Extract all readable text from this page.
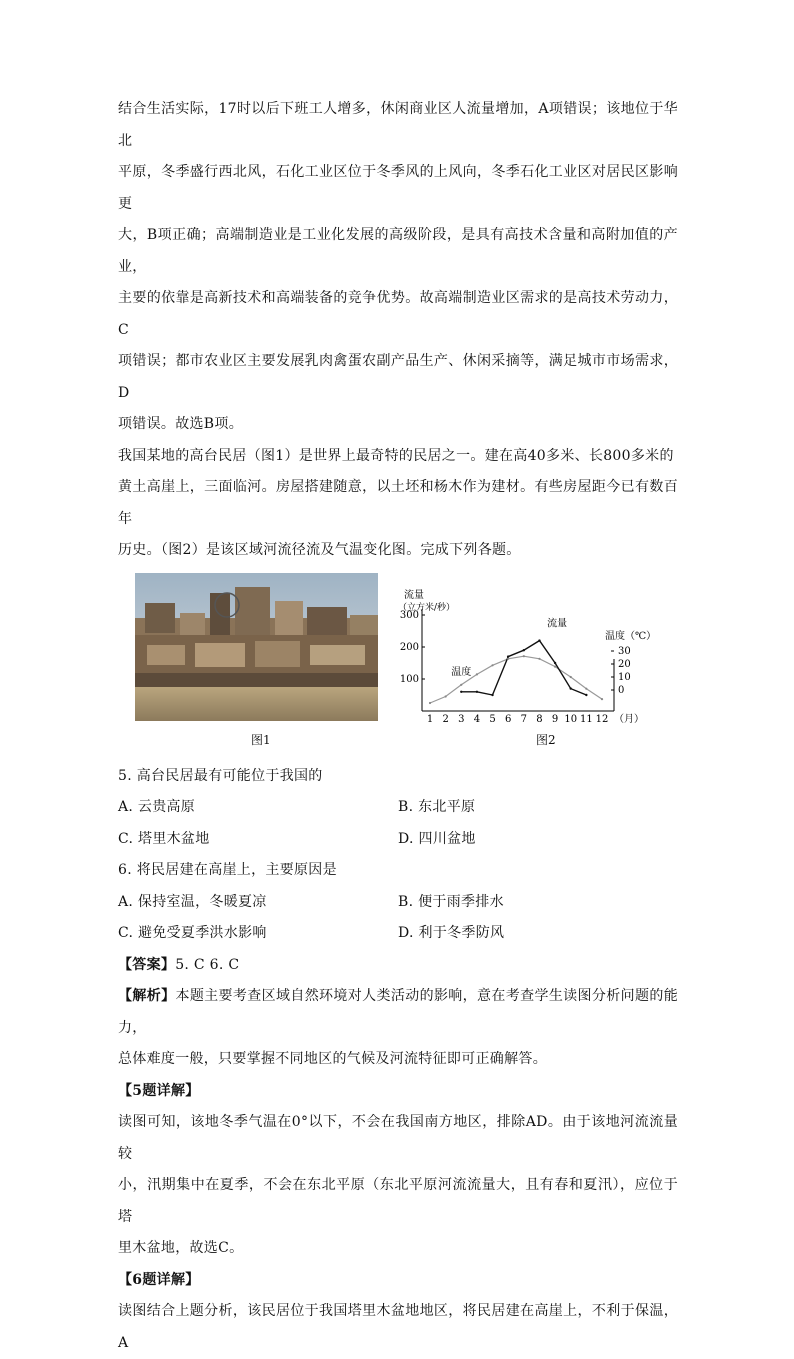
结合生活实际，17时以后下班工人增多，休闲商业区人流量增加，A项错误；该地位于华北

平原，冬季盛行西北风，石化工业区位于冬季风的上风向，冬季石化工业区对居民区影响更

大，B项正确；高端制造业是工业化发展的高级阶段，是具有高技术含量和高附加值的产业，

主要的依靠是高新技术和高端装备的竞争优势。故高端制造业区需求的是高技术劳动力，C

项错误；都市农业区主要发展乳肉禽蛋农副产品生产、休闲采摘等，满足城市市场需求，D

项错误。故选B项。

我国某地的高台民居（图1）是世界上最奇特的民居之一。建在高40多米、长800多米的

黄土高崖上，三面临河。房屋搭建随意，以土坯和杨木作为建材。有些房屋距今已有数百年

历史。（图2）是该区域河流径流及气温变化图。完成下列各题。

图1
流量
（立方米/秒）
温度（℃）
100
200
300
0
10
20
30
1 2 3 4 5 6 7 8 9 10 11 12 （月）
温度
流量
图2

5. 高台民居最有可能位于我国的

A. 云贵高原	B. 东北平原

C. 塔里木盆地	D. 四川盆地

6. 将民居建在高崖上，主要原因是

A. 保持室温，冬暖夏凉	B. 便于雨季排水

C. 避免受夏季洪水影响	D. 利于冬季防风

【答案】5. C 6. C

【解析】本题主要考查区域自然环境对人类活动的影响，意在考查学生读图分析问题的能力，

总体难度一般，只要掌握不同地区的气候及河流特征即可正确解答。

【5题详解】

读图可知，该地冬季气温在0°以下，不会在我国南方地区，排除AD。由于该地河流流量较

小，汛期集中在夏季，不会在东北平原（东北平原河流流量大，且有春和夏汛），应位于塔

里木盆地，故选C。

【6题详解】

读图结合上题分析，该民居位于我国塔里木盆地地区，将民居建在高崖上，不利于保温，A
